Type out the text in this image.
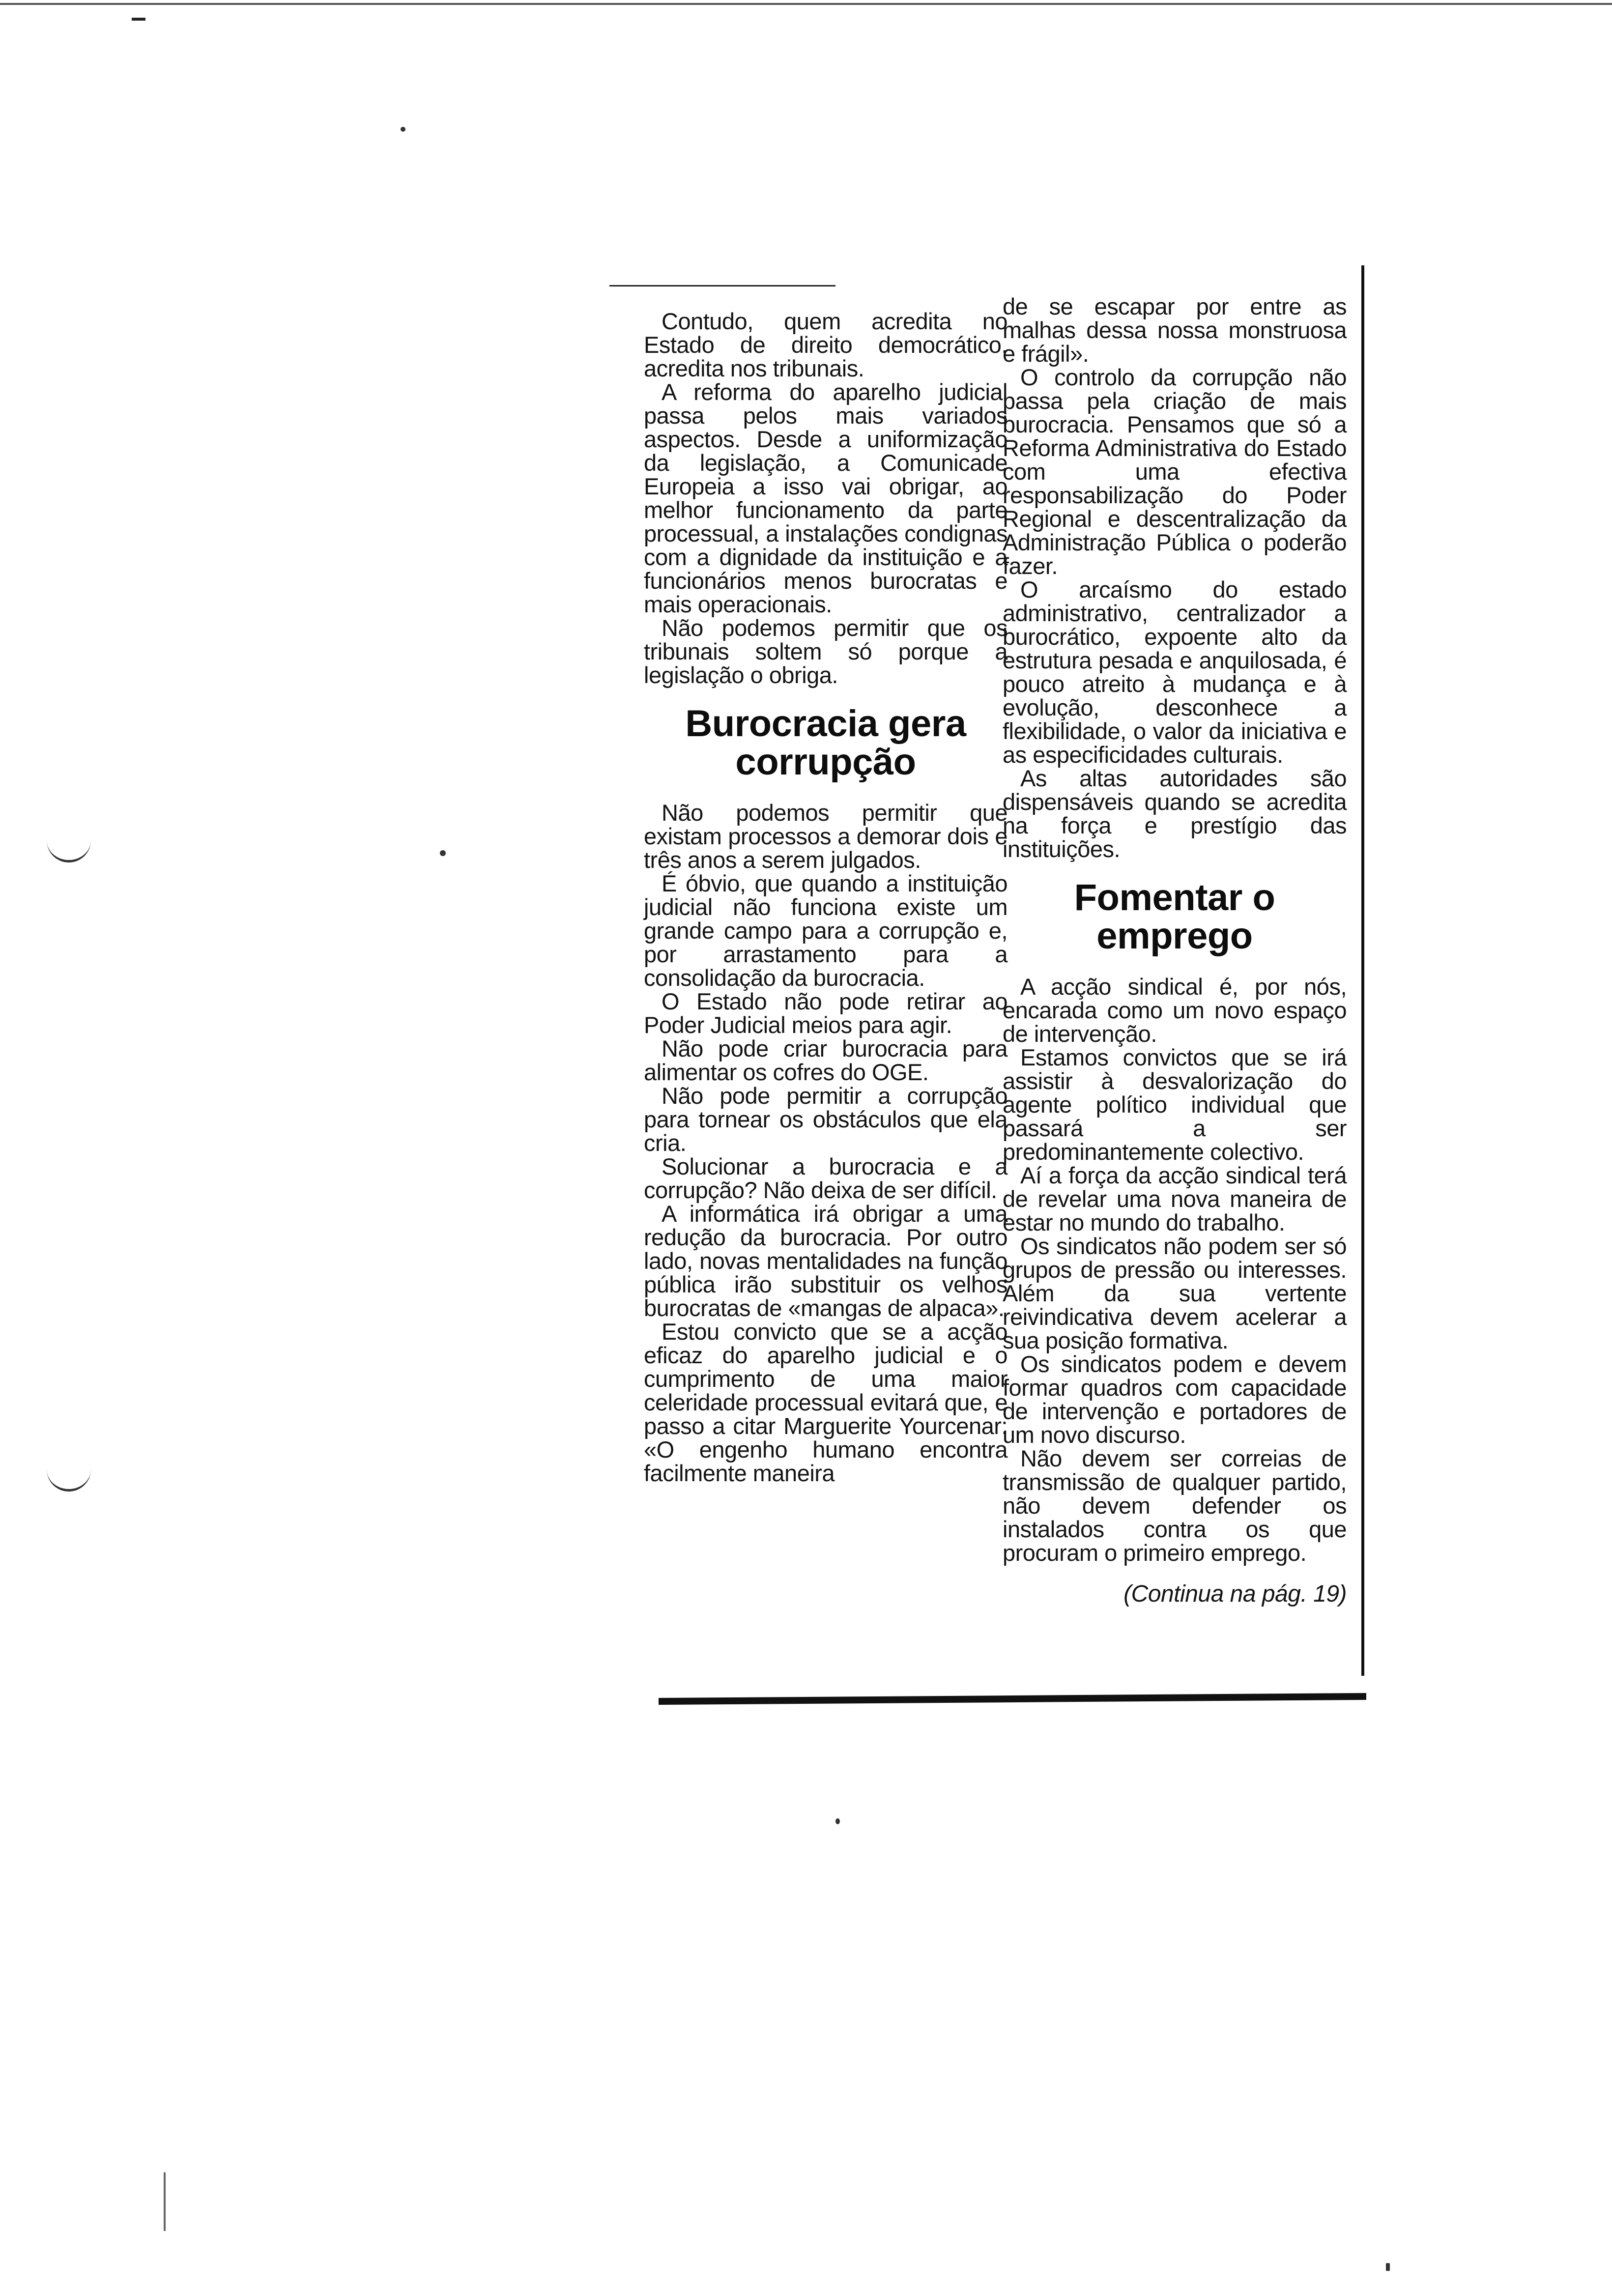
Contudo, quem acredita no Estado de direito democrático, acredita nos tribunais.

A reforma do aparelho judicial passa pelos mais variados aspectos. Desde a uniformização da legislação, a Comunicade Europeia a isso vai obrigar, ao melhor funcionamento da parte processual, a instalações condignas com a dignidade da instituição e a funcionários menos burocratas e mais operacionais.

Não podemos permitir que os tribunais soltem só porque a legislação o obriga.

Burocracia gera corrupção

Não podemos permitir que existam processos a demorar dois e três anos a serem julgados.

É óbvio, que quando a instituição judicial não funciona existe um grande campo para a corrupção e, por arrastamento para a consolidação da burocracia.

O Estado não pode retirar ao Poder Judicial meios para agir.

Não pode criar burocracia para alimentar os cofres do OGE.

Não pode permitir a corrupção para tornear os obstáculos que ela cria.

Solucionar a burocracia e a corrupção? Não deixa de ser difícil.

A informática irá obrigar a uma redução da burocracia. Por outro lado, novas mentalidades na função pública irão substituir os velhos burocratas de «mangas de alpaca».

Estou convicto que se a acção eficaz do aparelho judicial e o cumprimento de uma maior celeridade processual evitará que, e passo a citar Marguerite Yourcenar: «O engenho humano encontra facilmente maneira

de se escapar por entre as malhas dessa nossa monstruosa e frágil».

O controlo da corrupção não passa pela criação de mais burocracia. Pensamos que só a Reforma Administrativa do Estado com uma efectiva responsabilização do Poder Regional e descentralização da Administração Pública o poderão fazer.

O arcaísmo do estado administrativo, centralizador a burocrático, expoente alto da estrutura pesada e anquilosada, é pouco atreito à mudança e à evolução, desconhece a flexibilidade, o valor da iniciativa e as especificidades culturais.

As altas autoridades são dispensáveis quando se acredita na força e prestígio das instituições.

Fomentar o emprego

A acção sindical é, por nós, encarada como um novo espaço de intervenção.

Estamos convictos que se irá assistir à desvalorização do agente político individual que passará a ser predominantemente colectivo.

Aí a força da acção sindical terá de revelar uma nova maneira de estar no mundo do trabalho.

Os sindicatos não podem ser só grupos de pressão ou interesses. Além da sua vertente reivindicativa devem acelerar a sua posição formativa.

Os sindicatos podem e devem formar quadros com capacidade de intervenção e portadores de um novo discurso.

Não devem ser correias de transmissão de qualquer partido, não devem defender os instalados contra os que procuram o primeiro emprego.

(Continua na pág. 19)
